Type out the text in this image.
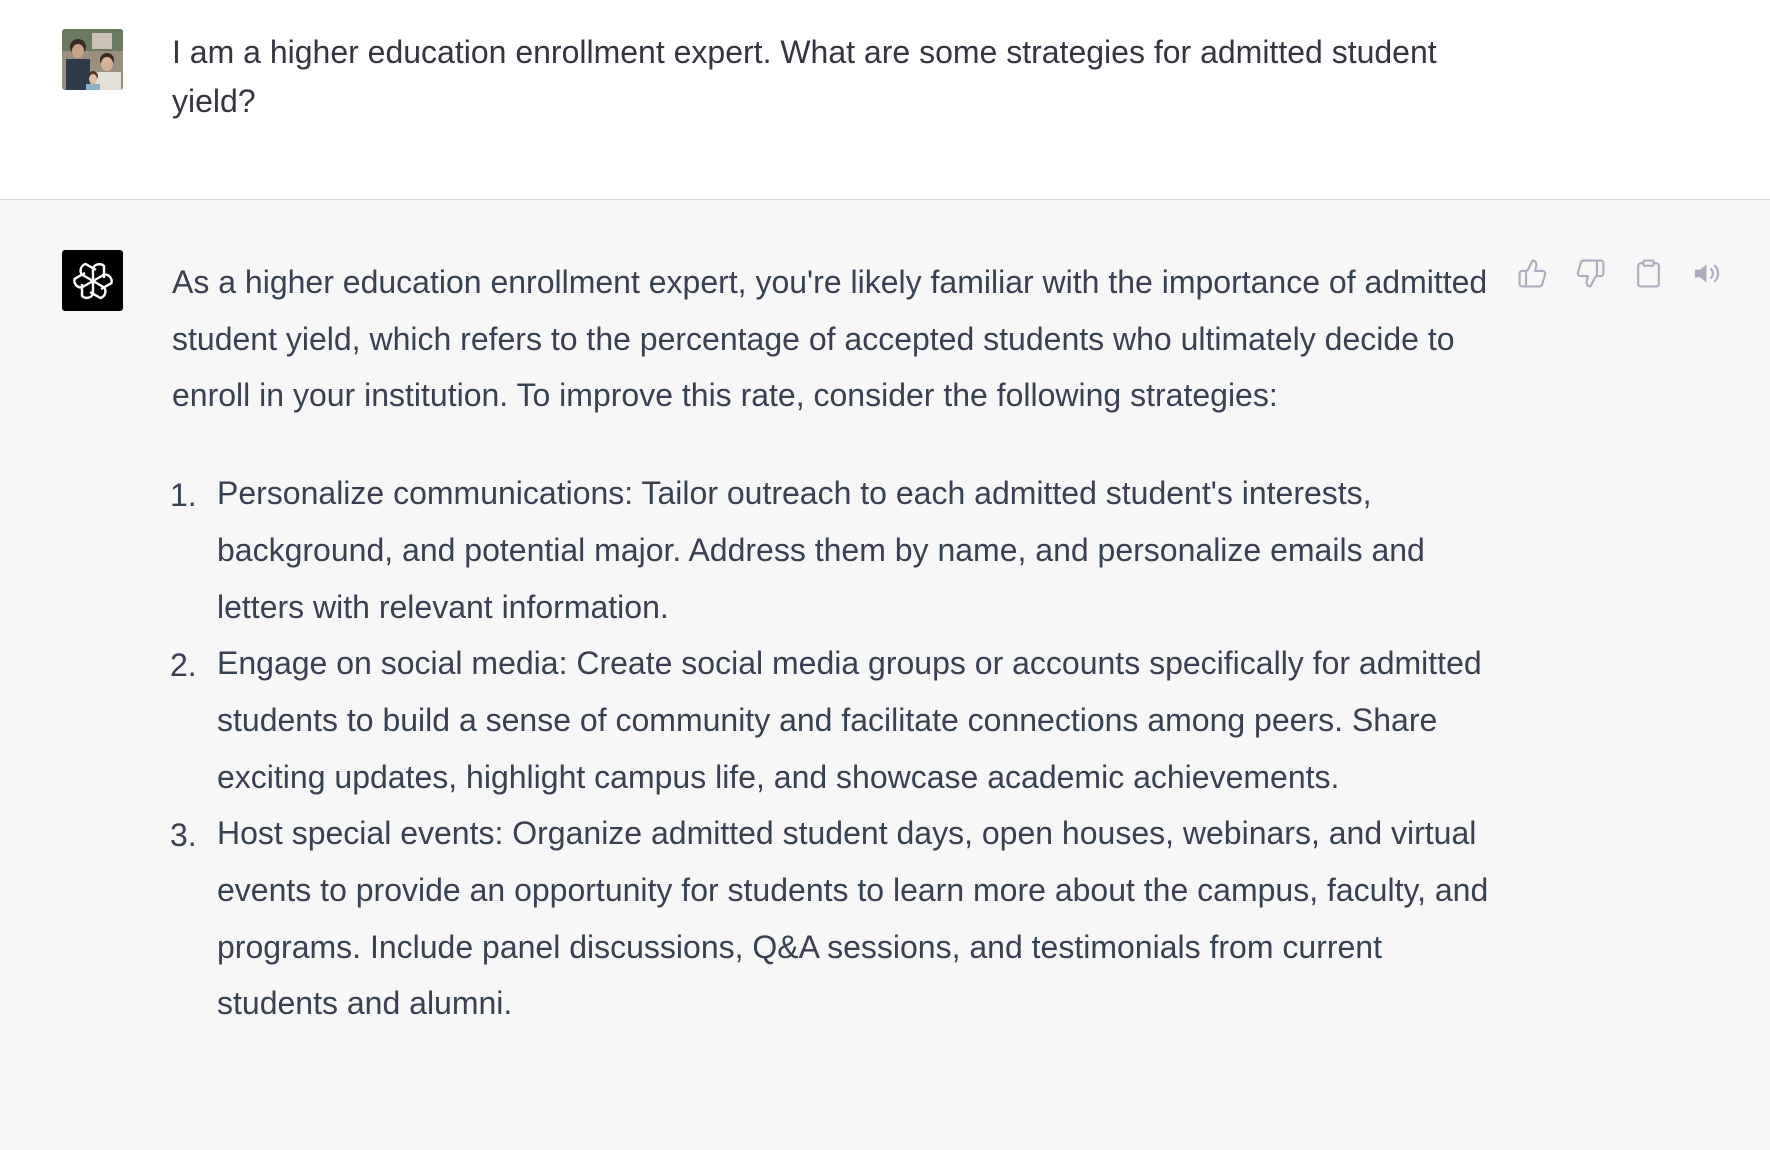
I am a higher education enrollment expert. What are some strategies for admitted student yield?

As a higher education enrollment expert, you're likely familiar with the importance of admitted student yield, which refers to the percentage of accepted students who ultimately decide to enroll in your institution. To improve this rate, consider the following strategies:

1. Personalize communications: Tailor outreach to each admitted student's interests, background, and potential major. Address them by name, and personalize emails and letters with relevant information.
2. Engage on social media: Create social media groups or accounts specifically for admitted students to build a sense of community and facilitate connections among peers. Share exciting updates, highlight campus life, and showcase academic achievements.
3. Host special events: Organize admitted student days, open houses, webinars, and virtual events to provide an opportunity for students to learn more about the campus, faculty, and programs. Include panel discussions, Q&A sessions, and testimonials from current students and alumni.
